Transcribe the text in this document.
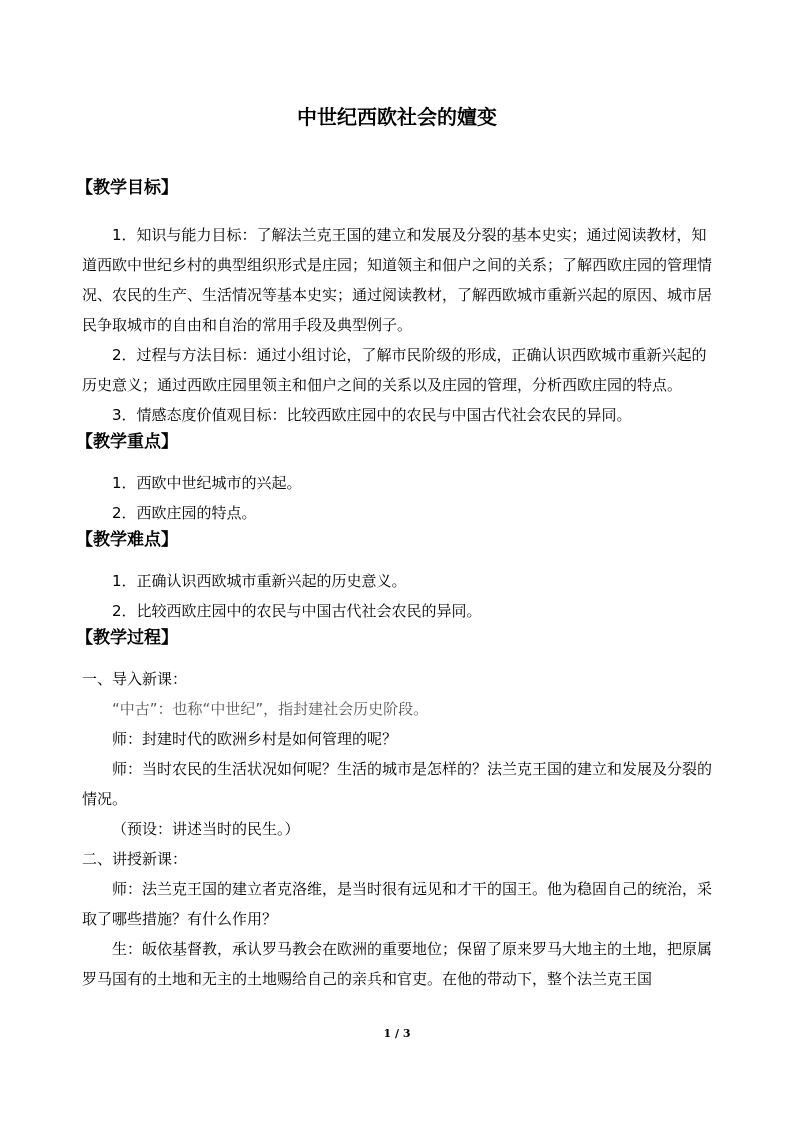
中世纪西欧社会的嬗变
【教学目标】

1．知识与能力目标：了解法兰克王国的建立和发展及分裂的基本史实；通过阅读教材，知道西欧中世纪乡村的典型组织形式是庄园；知道领主和佃户之间的关系；了解西欧庄园的管理情况、农民的生产、生活情况等基本史实；通过阅读教材，了解西欧城市重新兴起的原因、城市居民争取城市的自由和自治的常用手段及典型例子。

2．过程与方法目标：通过小组讨论，了解市民阶级的形成，正确认识西欧城市重新兴起的历史意义；通过西欧庄园里领主和佃户之间的关系以及庄园的管理，分析西欧庄园的特点。

3．情感态度价值观目标：比较西欧庄园中的农民与中国古代社会农民的异同。

【教学重点】

1．西欧中世纪城市的兴起。

2．西欧庄园的特点。

【教学难点】

1．正确认识西欧城市重新兴起的历史意义。

2．比较西欧庄园中的农民与中国古代社会农民的异同。

【教学过程】

一、导入新课：

“中古”：也称“中世纪”，指封建社会历史阶段。

师：封建时代的欧洲乡村是如何管理的呢？

师：当时农民的生活状况如何呢？生活的城市是怎样的？法兰克王国的建立和发展及分裂的情况。

（预设：讲述当时的民生。）

二、讲授新课：

师：法兰克王国的建立者克洛维，是当时很有远见和才干的国王。他为稳固自己的统治，采取了哪些措施？有什么作用？

生：皈依基督教，承认罗马教会在欧洲的重要地位；保留了原来罗马大地主的土地，把原属罗马国有的土地和无主的土地赐给自己的亲兵和官吏。在他的带动下，整个法兰克王国

1 / 3
